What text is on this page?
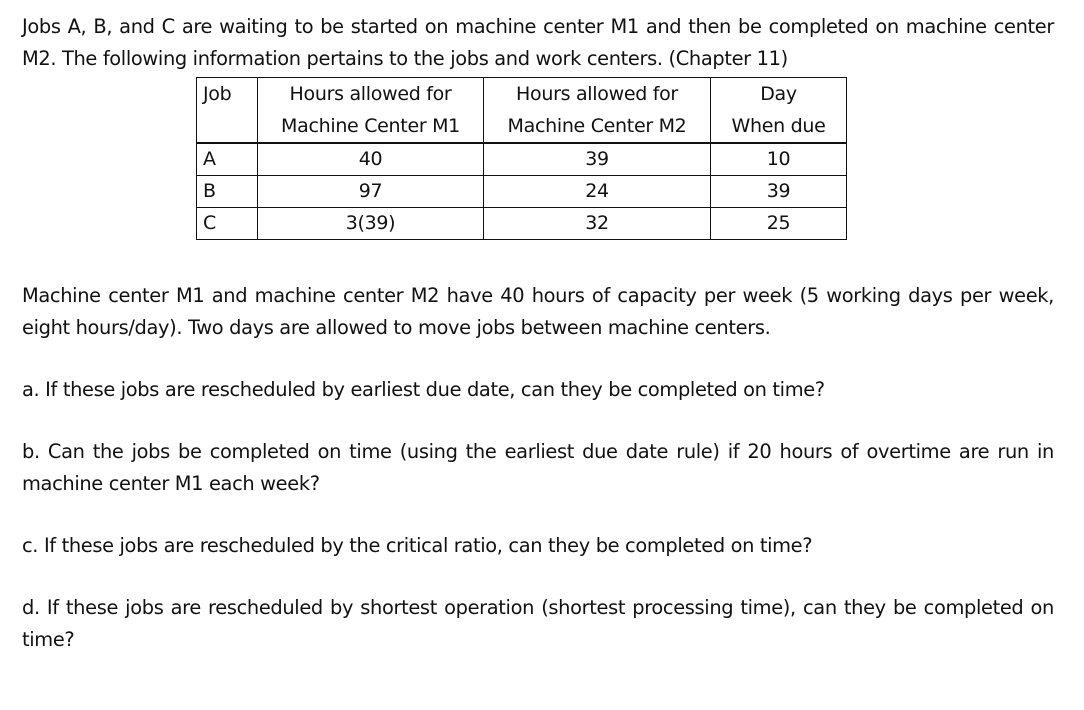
Jobs A, B, and C are waiting to be started on machine center M1 and then be completed on machine center M2. The following information pertains to the jobs and work centers. (Chapter 11)

Job	Hours allowed for	Hours allowed for	Day
	Machine Center M1	Machine Center M2	When due
A	40	39	10
B	97	24	39
C	3(39)	32	25

Machine center M1 and machine center M2 have 40 hours of capacity per week (5 working days per week, eight hours/day). Two days are allowed to move jobs between machine centers.

a. If these jobs are rescheduled by earliest due date, can they be completed on time?

b. Can the jobs be completed on time (using the earliest due date rule) if 20 hours of overtime are run in machine center M1 each week?

c. If these jobs are rescheduled by the critical ratio, can they be completed on time?

d. If these jobs are rescheduled by shortest operation (shortest processing time), can they be completed on time?
